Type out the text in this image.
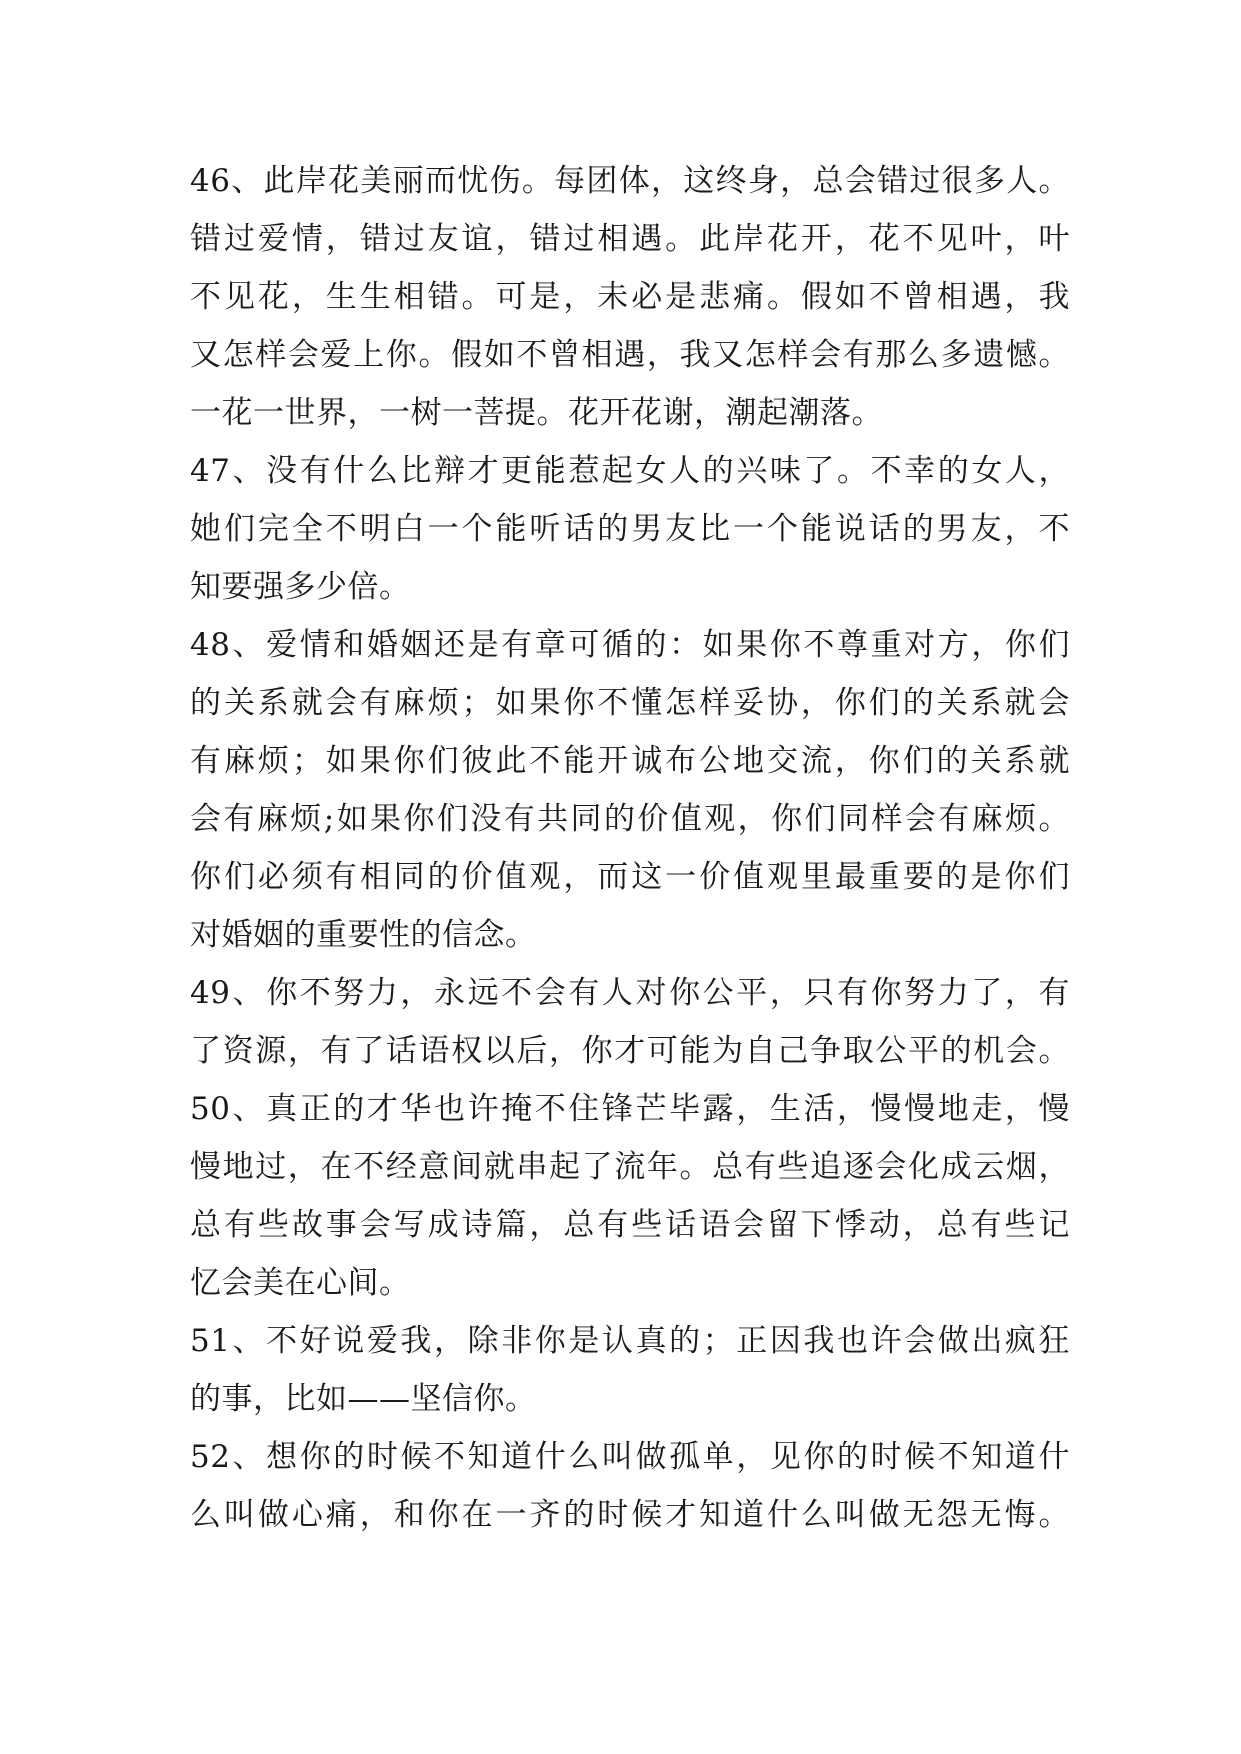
46、此岸花美丽而忧伤。每团体，这终身，总会错过很多人。
错过爱情，错过友谊，错过相遇。此岸花开，花不见叶，叶
不见花，生生相错。可是，未必是悲痛。假如不曾相遇，我
又怎样会爱上你。假如不曾相遇，我又怎样会有那么多遗憾。
一花一世界，一树一菩提。花开花谢，潮起潮落。
47、没有什么比辩才更能惹起女人的兴味了。不幸的女人，
她们完全不明白一个能听话的男友比一个能说话的男友，不
知要强多少倍。
48、爱情和婚姻还是有章可循的：如果你不尊重对方，你们
的关系就会有麻烦；如果你不懂怎样妥协，你们的关系就会
有麻烦；如果你们彼此不能开诚布公地交流，你们的关系就
会有麻烦;如果你们没有共同的价值观，你们同样会有麻烦。
你们必须有相同的价值观，而这一价值观里最重要的是你们
对婚姻的重要性的信念。
49、你不努力，永远不会有人对你公平，只有你努力了，有
了资源，有了话语权以后，你才可能为自己争取公平的机会。
50、真正的才华也许掩不住锋芒毕露，生活，慢慢地走，慢
慢地过，在不经意间就串起了流年。总有些追逐会化成云烟，
总有些故事会写成诗篇，总有些话语会留下悸动，总有些记
忆会美在心间。
51、不好说爱我，除非你是认真的；正因我也许会做出疯狂
的事，比如——坚信你。
52、想你的时候不知道什么叫做孤单，见你的时候不知道什
么叫做心痛，和你在一齐的时候才知道什么叫做无怨无悔。
